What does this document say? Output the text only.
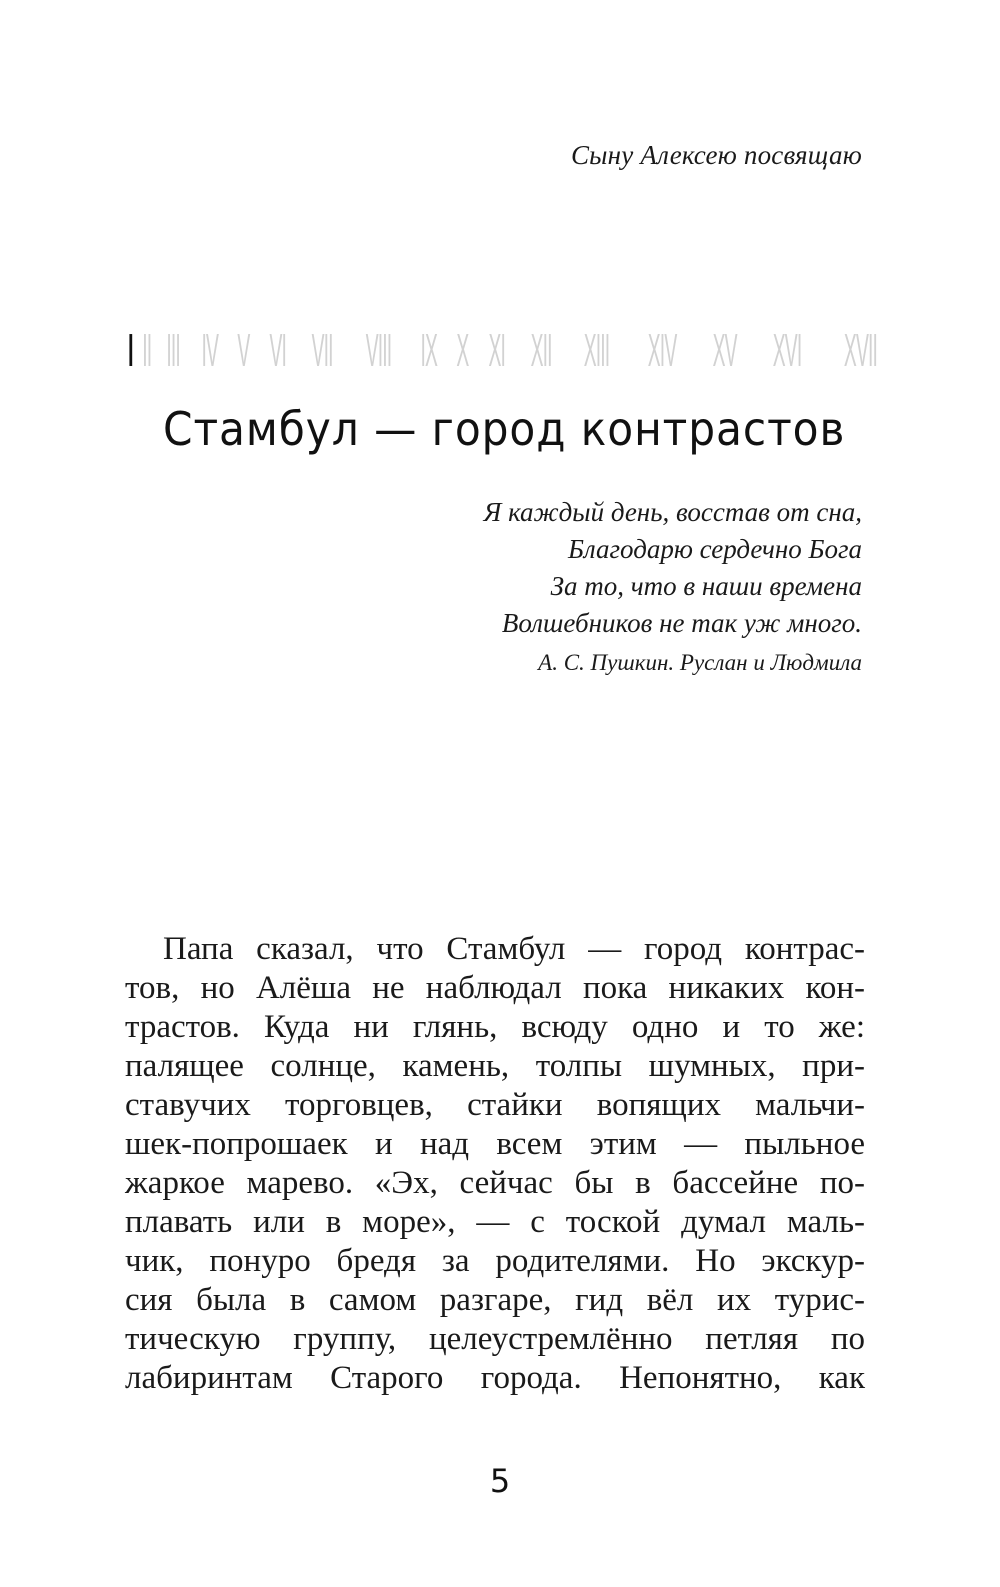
Сыну Алексею посвящаю
I II III IV V VI VII VIII IX X XI XII XIII XIV XV XVI XVII
Стамбул — город контрастов
Я каждый день, восстав от сна,
Благодарю сердечно Бога
За то, что в наши времена
Волшебников не так уж много.
А. С. Пушкин. Руслан и Людмила
Папа сказал, что Стамбул — город контрас-
тов, но Алёша не наблюдал пока никаких кон-
трастов. Куда ни глянь, всюду одно и то же:
палящее солнце, камень, толпы шумных, при-
ставучих торговцев, стайки вопящих мальчи-
шек-попрошаек и над всем этим — пыльное
жаркое марево. «Эх, сейчас бы в бассейне по-
плавать или в море», — с тоской думал маль-
чик, понуро бредя за родителями. Но экскур-
сия была в самом разгаре, гид вёл их турис-
тическую группу, целеустремлённо петляя по
лабиринтам Старого города. Непонятно, как
5
